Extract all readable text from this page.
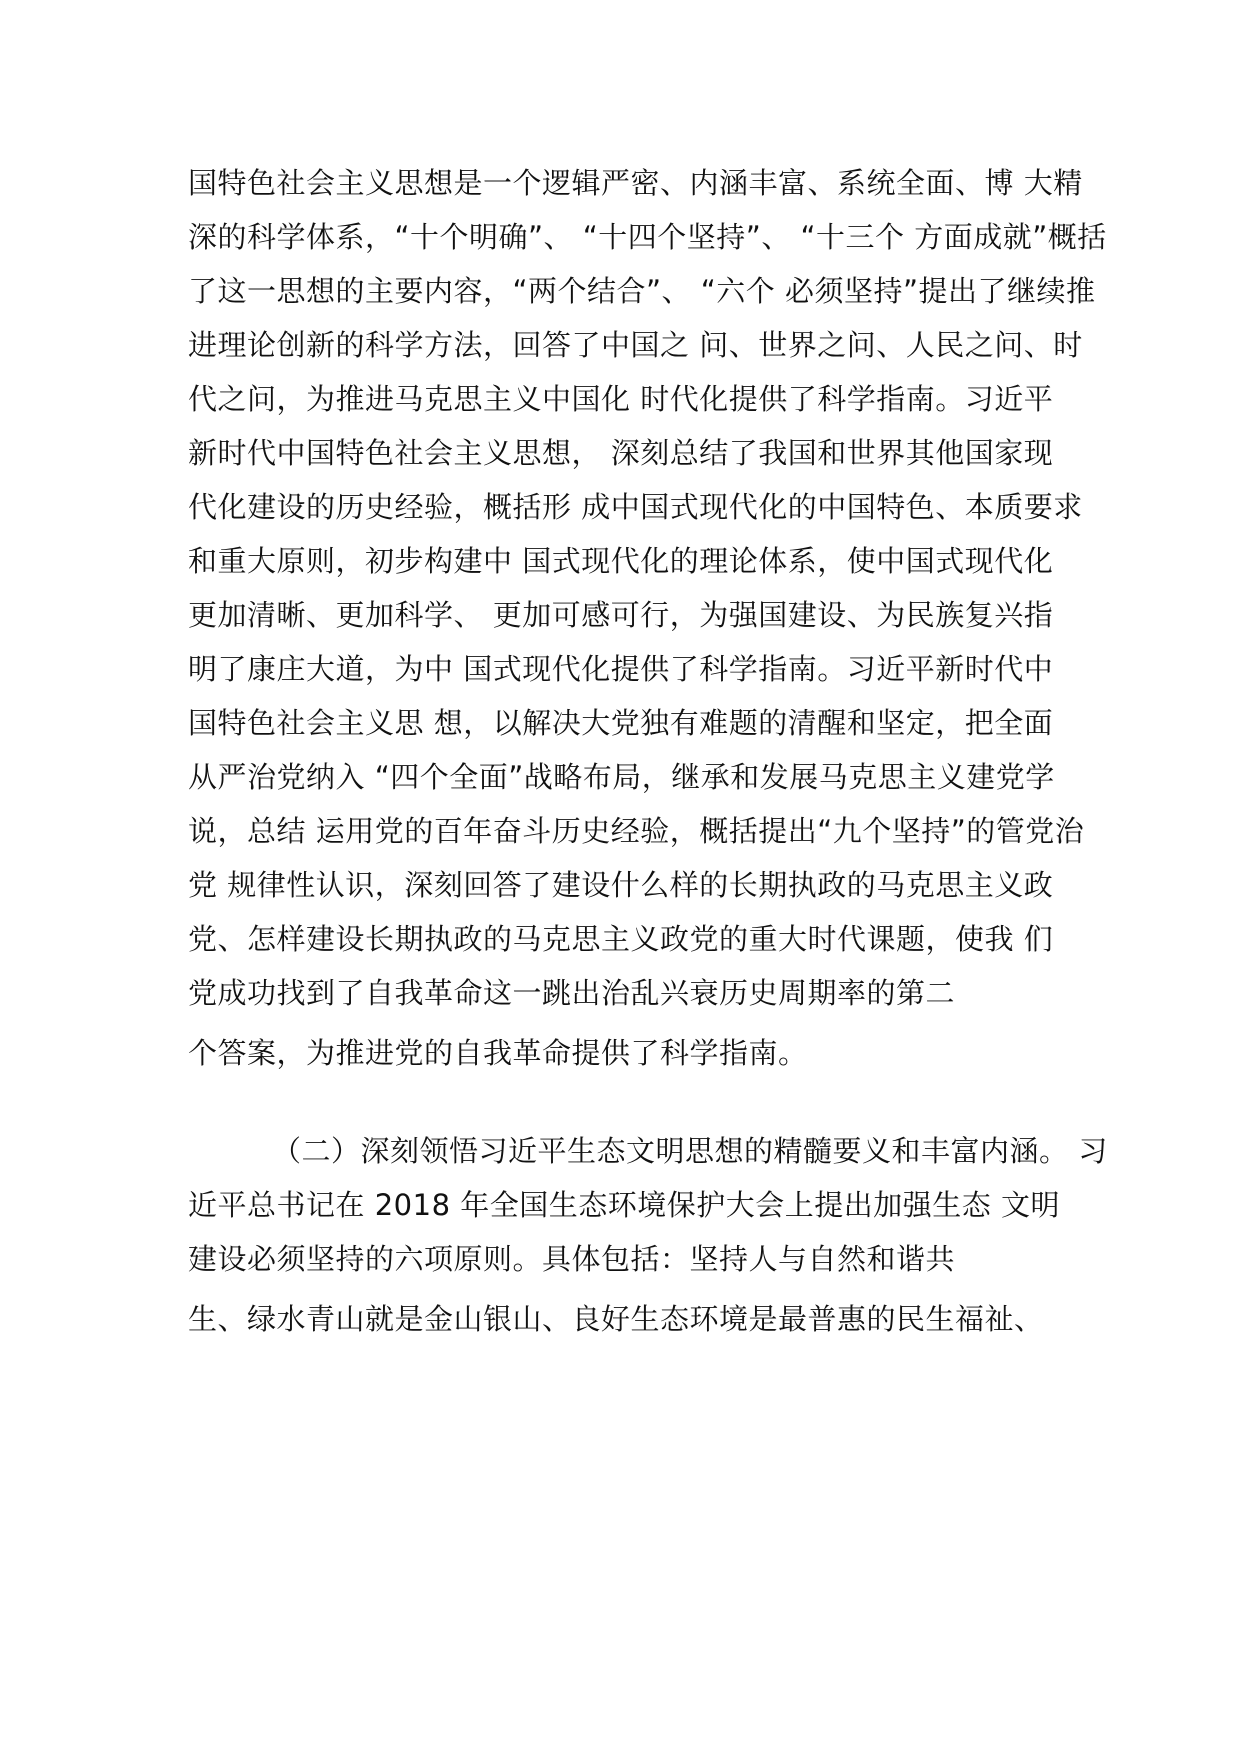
国特色社会主义思想是一个逻辑严密、内涵丰富、系统全面、博 大精
深的科学体系，“十个明确”、 “十四个坚持”、 “十三个 方面成就”概括
了这一思想的主要内容，“两个结合”、 “六个 必须坚持”提出了继续推
进理论创新的科学方法，回答了中国之 问、世界之问、人民之问、时
代之问，为推进马克思主义中国化 时代化提供了科学指南。习近平
新时代中国特色社会主义思想， 深刻总结了我国和世界其他国家现
代化建设的历史经验，概括形 成中国式现代化的中国特色、本质要求
和重大原则，初步构建中 国式现代化的理论体系，使中国式现代化
更加清晰、更加科学、 更加可感可行，为强国建设、为民族复兴指
明了康庄大道，为中 国式现代化提供了科学指南。习近平新时代中
国特色社会主义思 想，以解决大党独有难题的清醒和坚定，把全面
从严治党纳入 “四个全面”战略布局，继承和发展马克思主义建党学
说，总结 运用党的百年奋斗历史经验，概括提出“九个坚持”的管党治
党 规律性认识，深刻回答了建设什么样的长期执政的马克思主义政
党、怎样建设长期执政的马克思主义政党的重大时代课题，使我 们
党成功找到了自我革命这一跳出治乱兴衰历史周期率的第二
个答案，为推进党的自我革命提供了科学指南。
（二）深刻领悟习近平生态文明思想的精髓要义和丰富内涵。 习
近平总书记在 2018 年全国生态环境保护大会上提出加强生态 文明
建设必须坚持的六项原则。具体包括：坚持人与自然和谐共
生、绿水青山就是金山银山、良好生态环境是最普惠的民生福祉、
